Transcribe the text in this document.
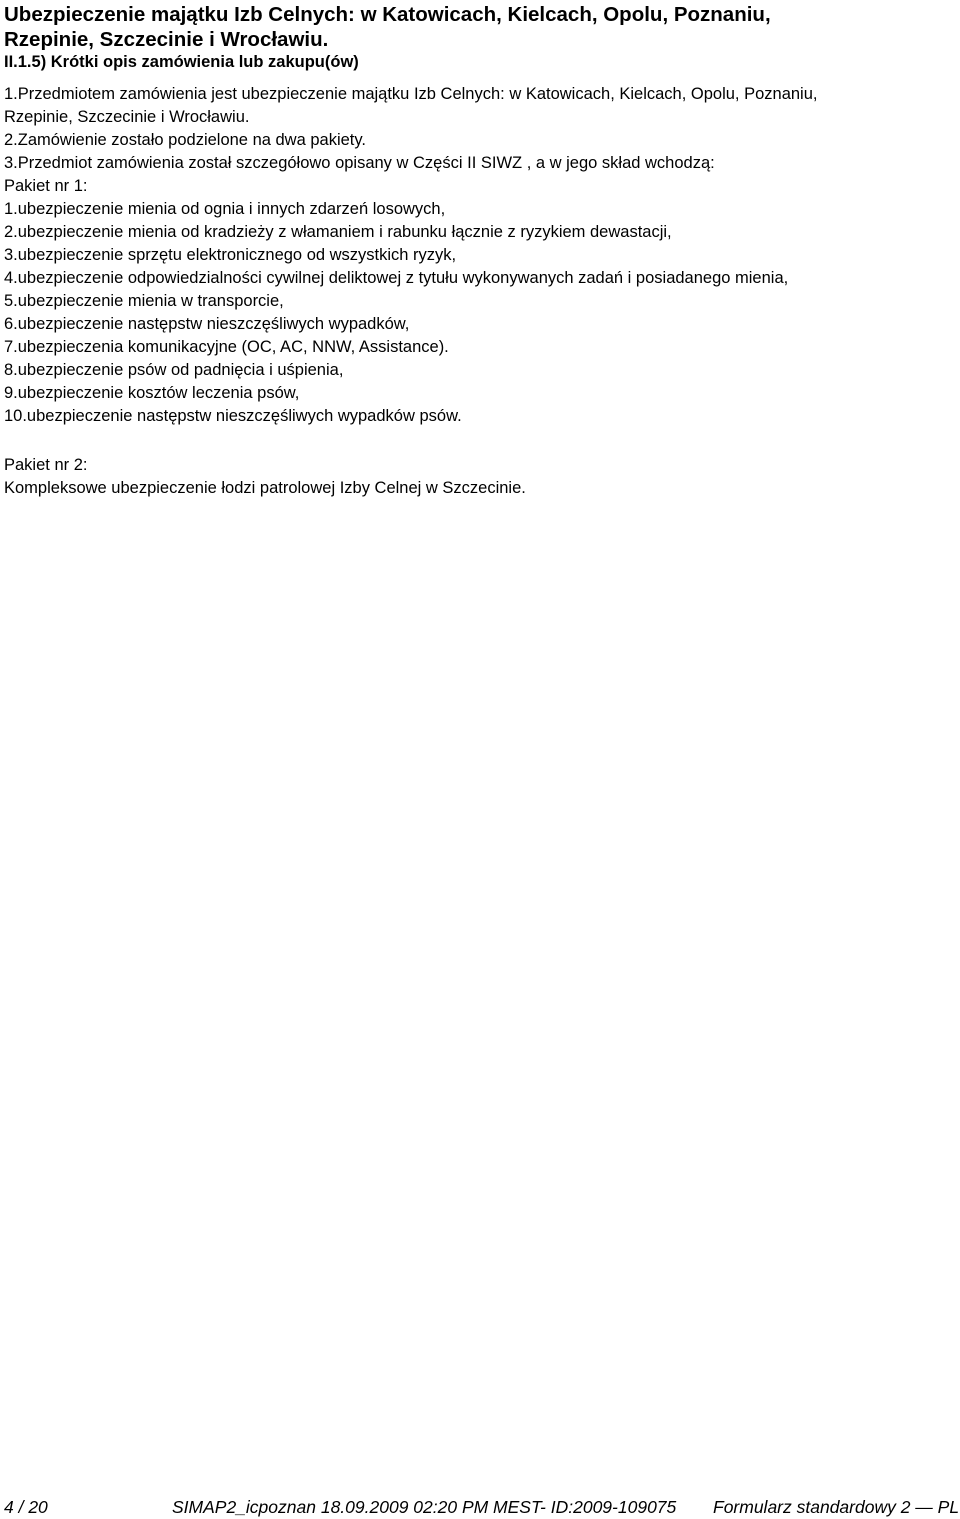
Ubezpieczenie majątku Izb Celnych: w Katowicach, Kielcach, Opolu, Poznaniu,
Rzepinie, Szczecinie i Wrocławiu.
II.1.5) Krótki opis zamówienia lub zakupu(ów)
1.Przedmiotem zamówienia jest ubezpieczenie majątku Izb Celnych: w Katowicach, Kielcach, Opolu, Poznaniu,
Rzepinie, Szczecinie i Wrocławiu.
2.Zamówienie zostało podzielone na dwa pakiety.
3.Przedmiot zamówienia został szczegółowo opisany w Części II SIWZ , a w jego skład wchodzą:
Pakiet nr 1:
1.ubezpieczenie mienia od ognia i innych zdarzeń losowych,
2.ubezpieczenie mienia od kradzieży z włamaniem i rabunku łącznie z ryzykiem dewastacji,
3.ubezpieczenie sprzętu elektronicznego od wszystkich ryzyk,
4.ubezpieczenie odpowiedzialności cywilnej deliktowej z tytułu wykonywanych zadań i posiadanego mienia,
5.ubezpieczenie mienia w transporcie,
6.ubezpieczenie następstw nieszczęśliwych wypadków,
7.ubezpieczenia komunikacyjne (OC, AC, NNW, Assistance).
8.ubezpieczenie psów od padnięcia i uśpienia,
9.ubezpieczenie kosztów leczenia psów,
10.ubezpieczenie następstw nieszczęśliwych wypadków psów.
Pakiet nr 2:
Kompleksowe ubezpieczenie łodzi patrolowej Izby Celnej w Szczecinie.
4 / 20	SIMAP2_icpoznan 18.09.2009 02:20 PM MEST- ID:2009-109075 Formularz standardowy 2 — PL
